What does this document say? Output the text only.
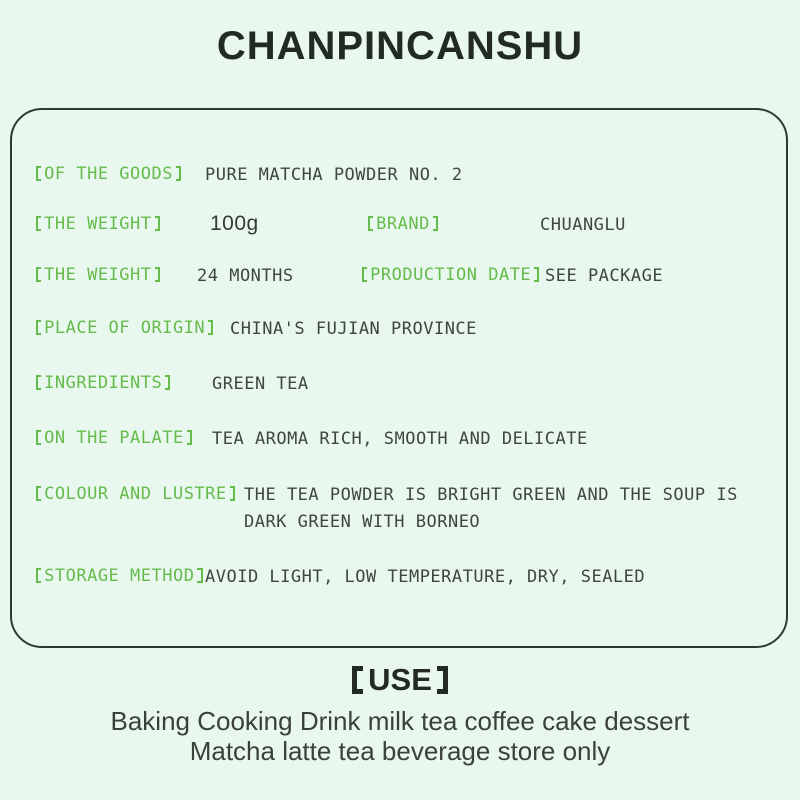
CHANPINCANSHU
OF THE GOODS	PURE MATCHA POWDER NO. 2
THE WEIGHT	100g	BRAND	CHUANGLU
THE WEIGHT	24 MONTHS	PRODUCTION DATE SEE PACKAGE
PLACE OF ORIGIN	CHINA'S FUJIAN PROVINCE
INGREDIENTS	GREEN TEA
ON THE PALATE	TEA AROMA RICH, SMOOTH AND DELICATE
COLOUR AND LUSTRE	THE TEA POWDER IS BRIGHT GREEN AND THE SOUP IS
DARK GREEN WITH BORNEO
STORAGE METHOD AVOID LIGHT, LOW TEMPERATURE, DRY, SEALED
USE
Baking Cooking Drink milk tea coffee cake dessert
Matcha latte tea beverage store only
